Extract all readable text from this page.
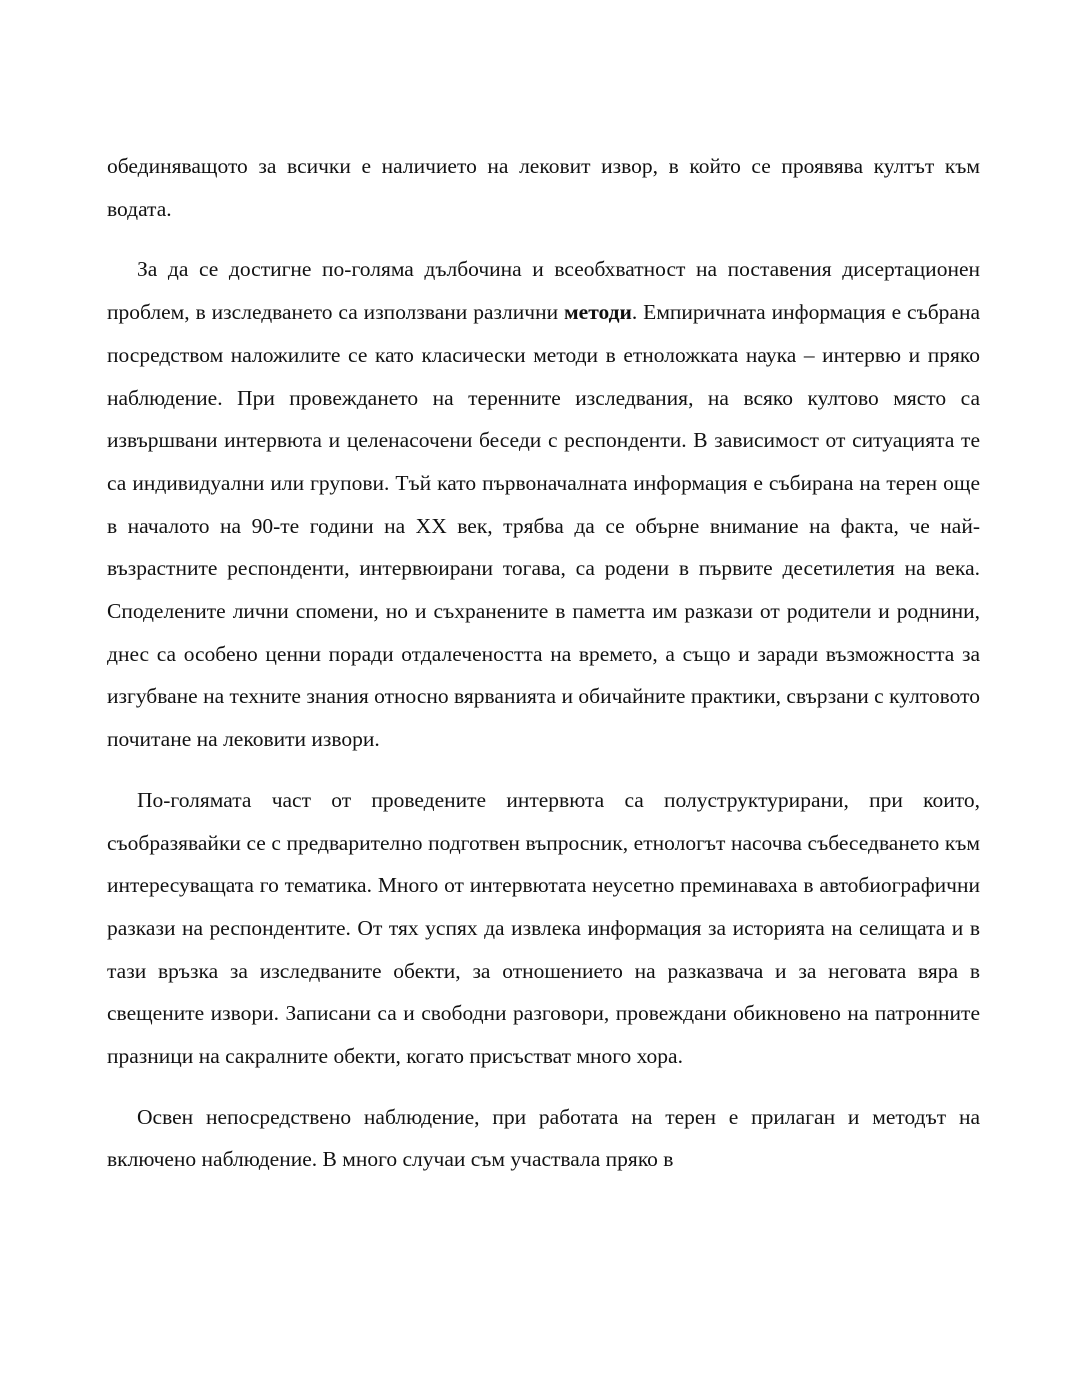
обединяващото за всички е наличието на лековит извор, в който се проявява култът към водата.

За да се достигне по-голяма дълбочина и всеобхватност на поставения дисертационен проблем, в изследването са използвани различни методи. Емпиричната информация е събрана посредством наложилите се като класически методи в етноложката наука – интервю и пряко наблюдение. При провеждането на теренните изследвания, на всяко култово място са извършвани интервюта и целенасочени беседи с респонденти. В зависимост от ситуацията те са индивидуални или групови. Тъй като първоначалната информация е събирана на терен още в началото на 90-те години на XX век, трябва да се обърне внимание на факта, че най-възрастните респонденти, интервюирани тогава, са родени в първите десетилетия на века. Споделените лични спомени, но и съхранените в паметта им разкази от родители и роднини, днес са особено ценни поради отдалечеността на времето, а също и заради възможността за изгубване на техните знания относно вярванията и обичайните практики, свързани с култовото почитане на лековити извори.

По-голямата част от проведените интервюта са полуструктурирани, при които, съобразявайки се с предварително подготвен въпросник, етнологът насочва събеседването към интересуващата го тематика. Много от интервютата неусетно преминаваха в автобиографични разкази на респондентите. От тях успях да извлека информация за историята на селищата и в тази връзка за изследваните обекти, за отношението на разказвача и за неговата вяра в свещените извори. Записани са и свободни разговори, провеждани обикновено на патронните празници на сакралните обекти, когато присъстват много хора.

Освен непосредствено наблюдение, при работата на терен е прилаган и методът на включено наблюдение. В много случаи съм участвала пряко в
